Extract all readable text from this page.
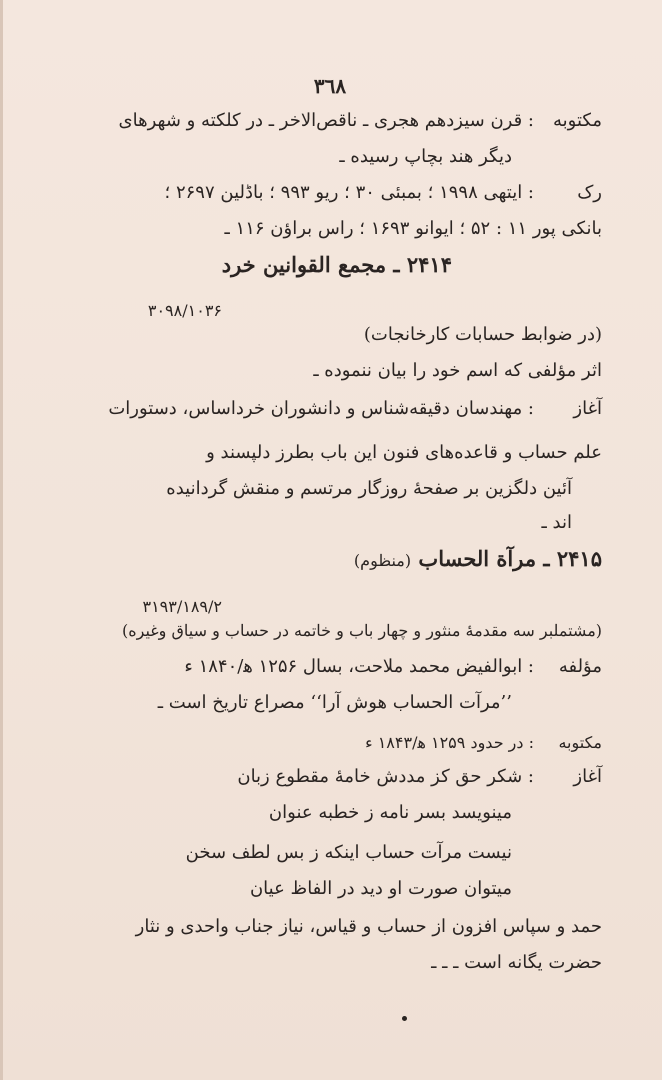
٣٦٨
مکتوبه
: قرن سیزدهم هجری ـ ناقص‌الاخر ـ در کلکته و شهرهای
دیگر هند بچاپ رسیده ـ
رک
: ایتهی ۱۹۹۸ ؛ بمبئی ۳۰ ؛ ریو ۹۹۳ ؛ باڈلین ۲۶۹۷ ؛
بانکی پور ۱۱ : ۵۲ ؛ ایوانو ۱۶۹۳ ؛ راس براؤن ۱۱۶ ـ
۲۴۱۴ ـ مجمع القوانین خرد
۳۰۹۸/۱۰۳۶
(در ضوابط حسابات کارخانجات)
اثر مؤلفی که اسم خود را بیان ننموده ـ
آغاز
: مهندسان دقیقه‌شناس و دانشوران خرداساس، دستورات
علم حساب و قاعده‌های فنون این باب بطرز دلپسند و
آئین دلگزین بر صفحهٔ روزگار مرتسم و منقش گردانیده
اند ـ
۲۴۱۵ ـ مرآة الحساب (منظوم)
۳۱۹۳/۱۸۹/۲
(مشتملبر سه مقدمهٔ منثور و چهار باب و خاتمه در حساب و سیاق وغیره)
مؤلفه
: ابوالفیض محمد ملاحت، بسال ۱۲۵۶ ﻫ/۱۸۴۰ ء
’’مرآت الحساب هوش آرا‘‘ مصراع تاریخ است ـ
مکتوبه
: در حدود ۱۲۵۹ ﻫ/۱۸۴۳ ء
آغاز
: شکر حق کز مددش خامهٔ مقطوع زبان
مینویسد بسر نامه ز خطبه عنوان
نیست مرآت حساب اینکه ز بس لطف سخن
میتوان صورت او دید در الفاظ عیان
حمد و سپاس افزون از حساب و قیاس، نیاز جناب واحدی و نثار
حضرت یگانه است ـ ـ ـ
